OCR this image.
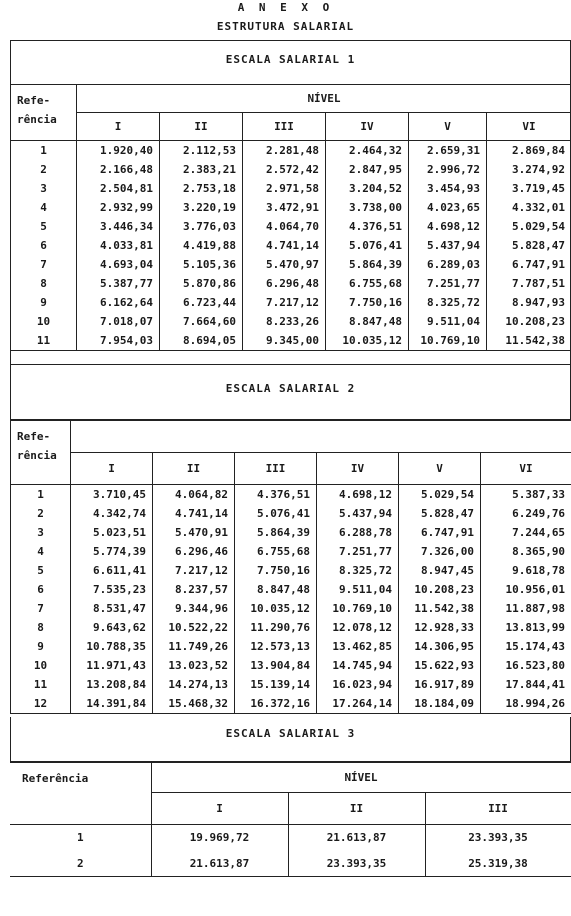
A N E X O
ESTRUTURA SALARIAL
ESCALA SALARIAL 1
Refe-
rência	NÍVEL					
	I	II	III	IV	V	VI
1	1.920,40	2.112,53	2.281,48	2.464,32	2.659,31	2.869,84
2	2.166,48	2.383,21	2.572,42	2.847,95	2.996,72	3.274,92
3	2.504,81	2.753,18	2.971,58	3.204,52	3.454,93	3.719,45
4	2.932,99	3.220,19	3.472,91	3.738,00	4.023,65	4.332,01
5	3.446,34	3.776,03	4.064,70	4.376,51	4.698,12	5.029,54
6	4.033,81	4.419,88	4.741,14	5.076,41	5.437,94	5.828,47
7	4.693,04	5.105,36	5.470,97	5.864,39	6.289,03	6.747,91
8	5.387,77	5.870,86	6.296,48	6.755,68	7.251,77	7.787,51
9	6.162,64	6.723,44	7.217,12	7.750,16	8.325,72	8.947,93
10	7.018,07	7.664,60	8.233,26	8.847,48	9.511,04	10.208,23
11	7.954,03	8.694,05	9.345,00	10.035,12	10.769,10	11.542,38
ESCALA SALARIAL 2
Refe-
rência						

	I	II	III	IV	V	VI
1	3.710,45	4.064,82	4.376,51	4.698,12	5.029,54	5.387,33
2	4.342,74	4.741,14	5.076,41	5.437,94	5.828,47	6.249,76
3	5.023,51	5.470,91	5.864,39	6.288,78	6.747,91	7.244,65
4	5.774,39	6.296,46	6.755,68	7.251,77	7.326,00	8.365,90
5	6.611,41	7.217,12	7.750,16	8.325,72	8.947,45	9.618,78
6	7.535,23	8.237,57	8.847,48	9.511,04	10.208,23	10.956,01
7	8.531,47	9.344,96	10.035,12	10.769,10	11.542,38	11.887,98
8	9.643,62	10.522,22	11.290,76	12.078,12	12.928,33	13.813,99
9	10.788,35	11.749,26	12.573,13	13.462,85	14.306,95	15.174,43
10	11.971,43	13.023,52	13.904,84	14.745,94	15.622,93	16.523,80
11	13.208,84	14.274,13	15.139,14	16.023,94	16.917,89	17.844,41
12	14.391,84	15.468,32	16.372,16	17.264,14	18.184,09	18.994,26
ESCALA SALARIAL 3
Referência	NÍVEL		
	I	II	III
1	19.969,72	21.613,87	23.393,35
2	21.613,87	23.393,35	25.319,38
